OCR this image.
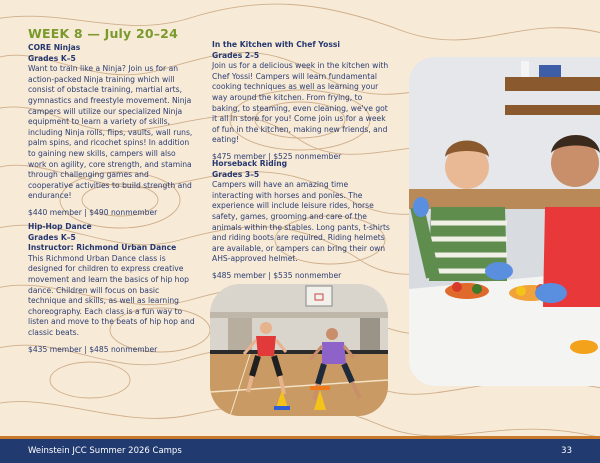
WEEK 8 — July 20–24
CORE Ninjas
Grades K–5

Want to train like a Ninja? Join us for an action-packed Ninja training which will consist of obstacle training, martial arts, gymnastics and freestyle movement. Ninja campers will utilize our specialized Ninja equipment to learn a variety of skills, including Ninja rolls, flips, vaults, wall runs, palm spins, and ricochet spins! In addition to gaining new skills, campers will also work on agility, core strength, and stamina through challenging games and cooperative activities to build strength and endurance!

$440 member | $490 nonmember
Hip-Hop Dance
Grades K–5
Instructor: Richmond Urban Dance

This Richmond Urban Dance class is designed for children to express creative movement and learn the basics of hip hop dance. Children will focus on basic technique and skills, as well as learning choreography. Each class is a fun way to listen and move to the beats of hip hop and classic beats.

$435 member | $485 nonmember
In the Kitchen with Chef Yossi
Grades 2–5

Join us for a delicious week in the kitchen with Chef Yossi! Campers will learn fundamental cooking techniques as well as learning your way around the kitchen. From frying, to baking, to steaming, even cleaning, we've got it all in store for you! Come join us for a week of fun in the kitchen, making new friends, and eating!

$475 member | $525 nonmember
Horseback Riding
Grades 3–5

Campers will have an amazing time interacting with horses and ponies. The experience will include leisure rides, horse safety, games, grooming and care of the animals within the stables. Long pants, t-shirts and riding boots are required. Riding helmets are available, or campers can bring their own AHS-approved helmet.

$485 member | $535 nonmember
Weinstein JCC Summer 2026 Camps	33
